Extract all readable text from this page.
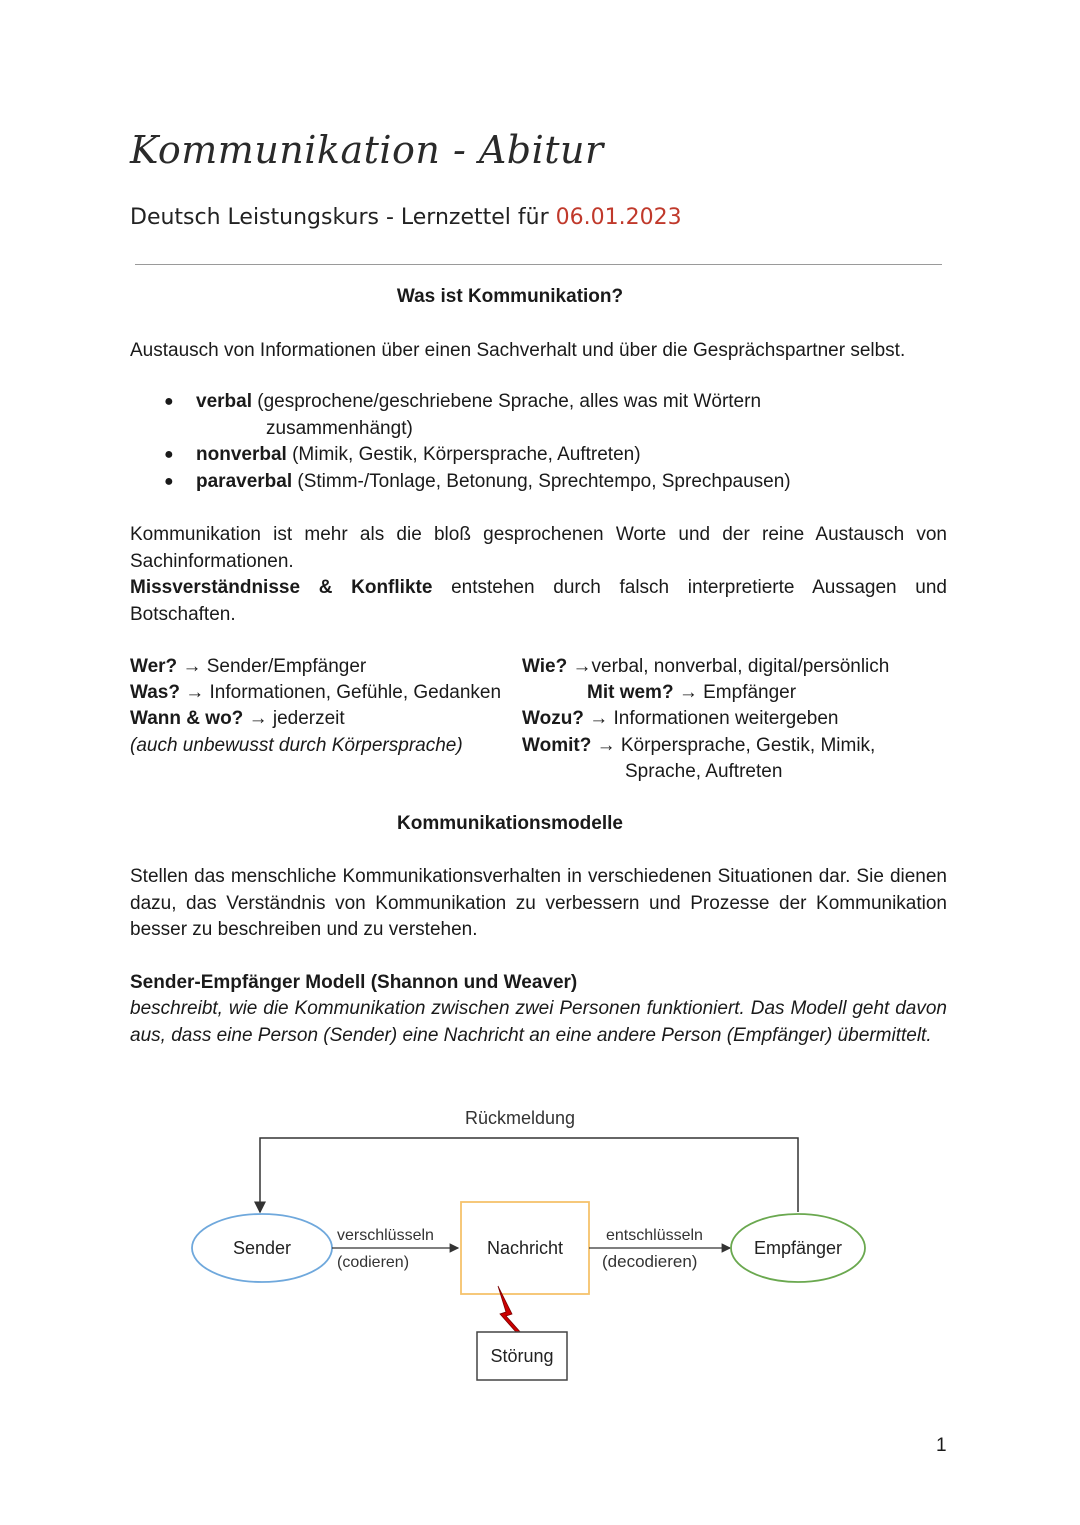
Kommunikation - Abitur
Deutsch Leistungskurs - Lernzettel für 06.01.2023
Was ist Kommunikation?
Austausch von Informationen über einen Sachverhalt und über die Gesprächspartner selbst.
● verbal (gesprochene/geschriebene Sprache, alles was mit Wörtern
zusammenhängt)
● nonverbal (Mimik, Gestik, Körpersprache, Auftreten)
● paraverbal (Stimm-/Tonlage, Betonung, Sprechtempo, Sprechpausen)
Kommunikation ist mehr als die bloß gesprochenen Worte und der reine Austausch von Sachinformationen.
Missverständnisse & Konflikte entstehen durch falsch interpretierte Aussagen und Botschaften.
Wer? → Sender/Empfänger
Was? → Informationen, Gefühle, Gedanken
Wann & wo? → jederzeit
(auch unbewusst durch Körpersprache)
Wie? →verbal, nonverbal, digital/persönlich
Mit wem? → Empfänger
Wozu? → Informationen weitergeben
Womit? → Körpersprache, Gestik, Mimik,
Sprache, Auftreten
Kommunikationsmodelle
Stellen das menschliche Kommunikationsverhalten in verschiedenen Situationen dar. Sie dienen dazu, das Verständnis von Kommunikation zu verbessern und Prozesse der Kommunikation besser zu beschreiben und zu verstehen.
Sender-Empfänger Modell (Shannon und Weaver)
beschreibt, wie die Kommunikation zwischen zwei Personen funktioniert. Das Modell geht davon aus, dass eine Person (Sender) eine Nachricht an eine andere Person (Empfänger) übermittelt.
Rückmeldung
Sender
verschlüsseln
(codieren)
Nachricht
entschlüsseln
(decodieren)
Empfänger
Störung
1
